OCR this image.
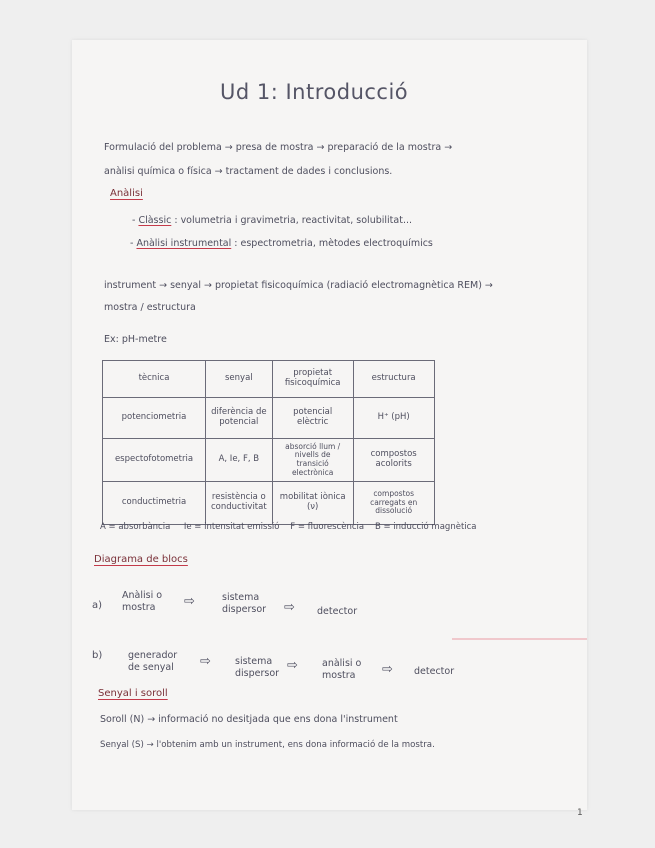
Ud 1: Introducció
Formulació del problema → presa de mostra → preparació de la mostra →
anàlisi química o física → tractament de dades i conclusions.
Anàlisi
- Clàssic : volumetria i gravimetria, reactivitat, solubilitat...
- Anàlisi instrumental : espectrometria, mètodes electroquímics
instrument → senyal → propietat fisicoquímica (radiació electromagnètica REM) →
mostra / estructura
Ex: pH-metre
tècnica	senyal	propietat fisicoquímica	estructura
potenciometria	diferència de potencial	potencial elèctric	H⁺ (pH)
espectofotometria	A, Ie, F, B	absorció llum / nivells de transició electrònica	compostos acolorits
conductimetria	resistència o conductivitat	mobilitat iònica (ν)	compostos carregats en dissolució
A = absorbància Ie = intensitat emissió F = fluorescència B = inducció magnètica
Diagrama de blocs
a)
Anàlisi o mostra	⇨	sistema dispersor	⇨ detector
b)	generador de senyal	⇨	sistema dispersor
⇨	anàlisi o mostra	⇨ detector
Senyal i soroll
Soroll (N) → informació no desitjada que ens dona l'instrument
Senyal (S) → l'obtenim amb un instrument, ens dona informació de la mostra.
1
